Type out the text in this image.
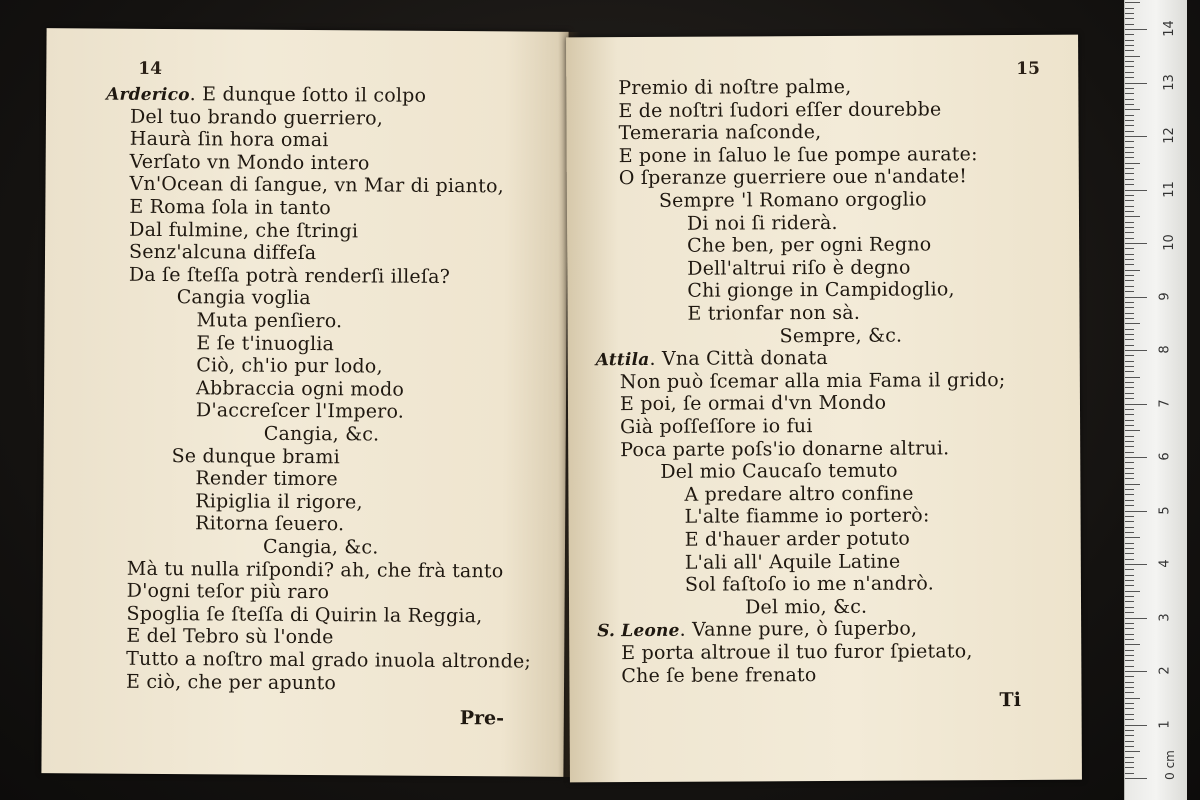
14
Arderico. E dunque ſotto il colpo
Del tuo brando guerriero,
Haurà ſin hora omai
Verſato vn Mondo intero
Vn'Ocean di ſangue, vn Mar di pianto,
E Roma ſola in tanto
Dal fulmine, che ſtringi
Senz'alcuna diffeſa
Da ſe ſteſſa potrà renderſi illeſa?
Cangia voglia
Muta penſiero.
E ſe t'inuoglia
Ciò, ch'io pur lodo,
Abbraccia ogni modo
D'accreſcer l'Impero.
Cangia, &c.
Se dunque brami
Render timore
Ripiglia il rigore,
Ritorna ſeuero.
Cangia, &c.
Mà tu nulla riſpondi? ah, che frà tanto
D'ogni teſor più raro
Spoglia ſe ſteſſa di Quirin la Reggia,
E del Tebro sù l'onde
Tutto a noſtro mal grado inuola altronde;
E ciò, che per apunto
Pre-
15
Premio di noſtre palme,
E de noſtri ſudori eſſer dourebbe
Temeraria naſconde,
E pone in ſaluo le ſue pompe aurate:
O ſperanze guerriere oue n'andate!
Sempre 'l Romano orgoglio
Di noi ſi riderà.
Che ben, per ogni Regno
Dell'altrui riſo è degno
Chi gionge in Campidoglio,
E trionfar non sà.
Sempre, &c.
Attila. Vna Città donata
Non può ſcemar alla mia Fama il grido;
E poi, ſe ormai d'vn Mondo
Già poſſeſſore io fui
Poca parte poſs'io donarne altrui.
Del mio Caucaſo temuto
A predare altro confine
L'alte fiamme io porterò:
E d'hauer arder potuto
L'ali all' Aquile Latine
Sol faſtoſo io me n'andrò.
Del mio, &c.
S. Leone. Vanne pure, ò ſuperbo,
E porta altroue il tuo furor ſpietato,
Che ſe bene frenato
Ti
1
2
3
4
5
6
7
8
9
10
11
12
13
14
0 cm
